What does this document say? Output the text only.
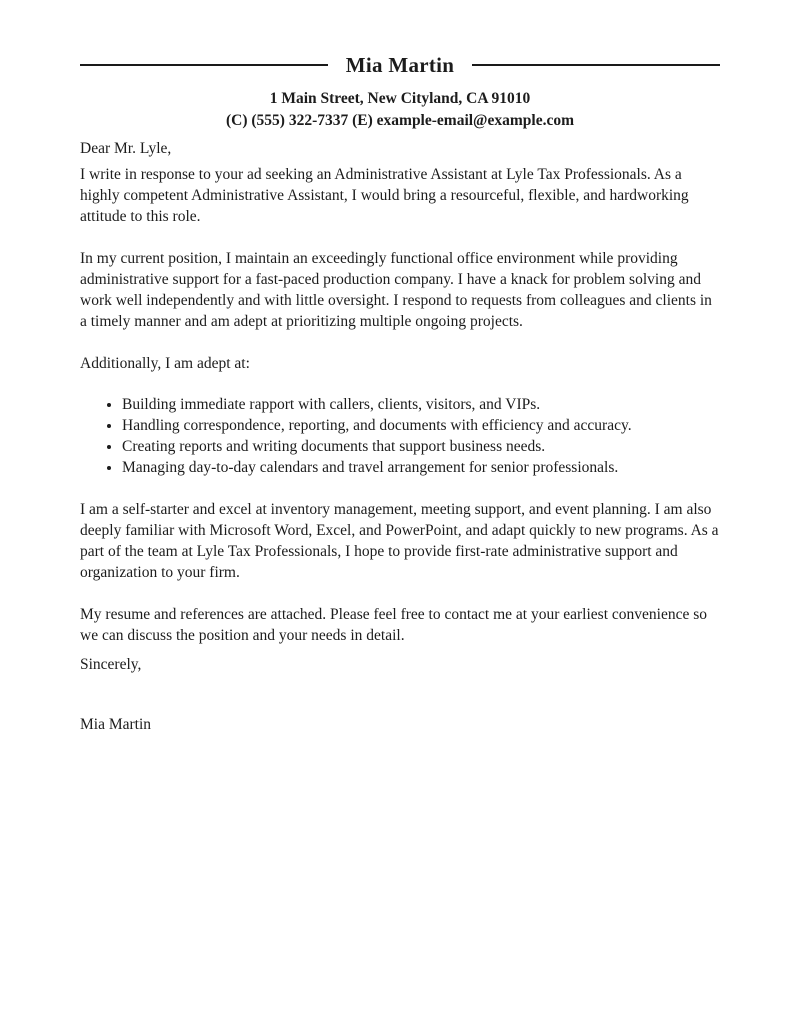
Mia Martin
1 Main Street, New Cityland, CA 91010
(C) (555) 322-7337 (E) example-email@example.com

Dear Mr. Lyle,

I write in response to your ad seeking an Administrative Assistant at Lyle Tax Professionals. As a highly competent Administrative Assistant, I would bring a resourceful, flexible, and hardworking attitude to this role.

In my current position, I maintain an exceedingly functional office environment while providing administrative support for a fast-paced production company. I have a knack for problem solving and work well independently and with little oversight. I respond to requests from colleagues and clients in a timely manner and am adept at prioritizing multiple ongoing projects.

Additionally, I am adept at:

• Building immediate rapport with callers, clients, visitors, and VIPs.
• Handling correspondence, reporting, and documents with efficiency and accuracy.
• Creating reports and writing documents that support business needs.
• Managing day-to-day calendars and travel arrangement for senior professionals.

I am a self-starter and excel at inventory management, meeting support, and event planning. I am also deeply familiar with Microsoft Word, Excel, and PowerPoint, and adapt quickly to new programs. As a part of the team at Lyle Tax Professionals, I hope to provide first-rate administrative support and organization to your firm.

My resume and references are attached. Please feel free to contact me at your earliest convenience so we can discuss the position and your needs in detail.

Sincerely,

Mia Martin
